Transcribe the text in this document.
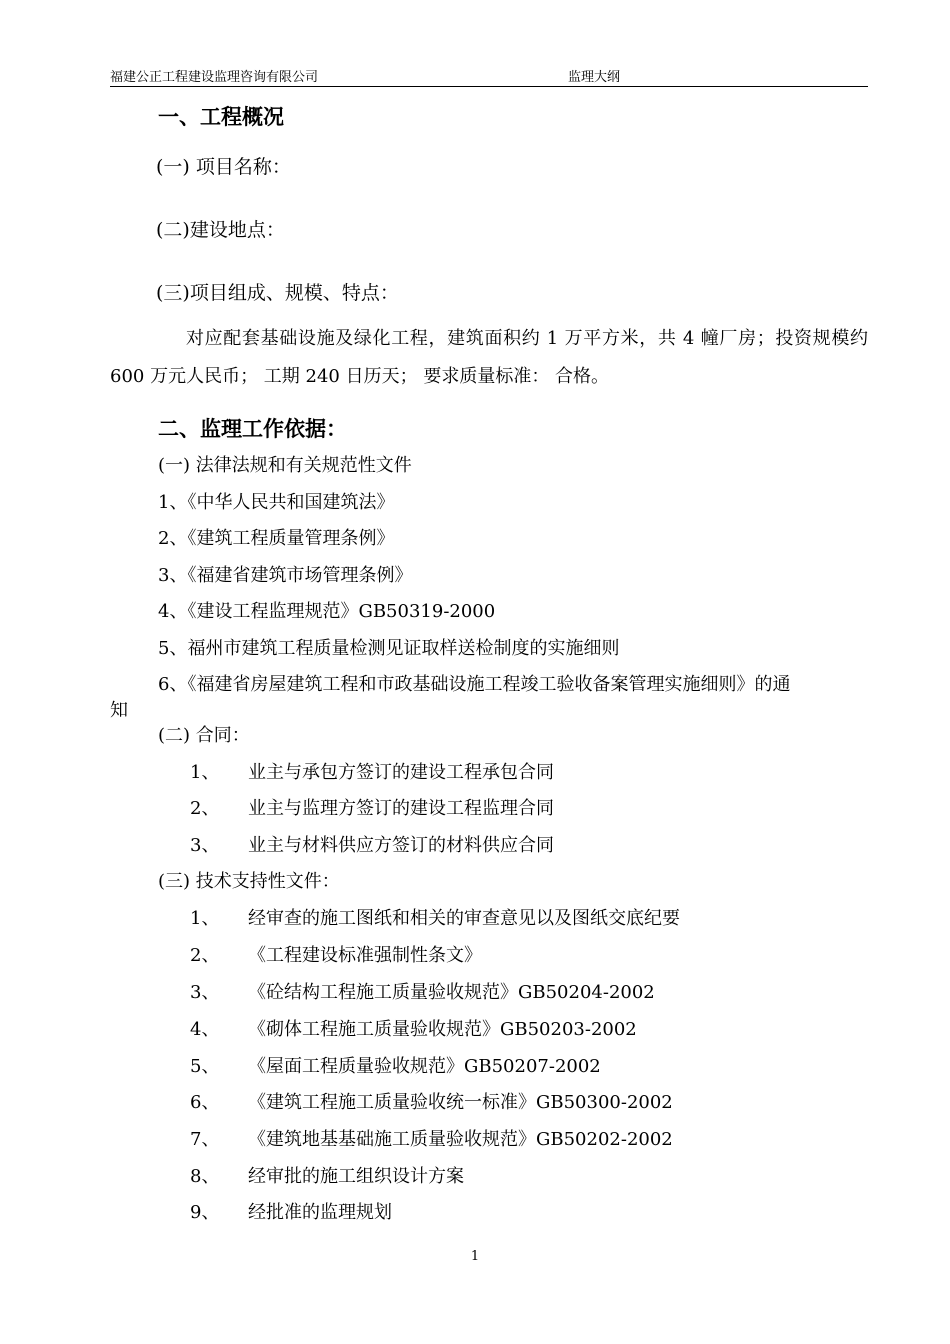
福建公正工程建设监理咨询有限公司	监理大纲
一、工程概况
(一) 项目名称：
(二)建设地点：
(三)项目组成、规模、特点：
对应配套基础设施及绿化工程，建筑面积约 1 万平方米，共 4 幢厂房；投资规模约 600 万元人民币； 工期 240 日历天； 要求质量标准： 合格。
二、监理工作依据：
(一) 法律法规和有关规范性文件
1、《中华人民共和国建筑法》
2、《建筑工程质量管理条例》
3、《福建省建筑市场管理条例》
4、《建设工程监理规范》GB50319-2000
5、福州市建筑工程质量检测见证取样送检制度的实施细则
6、《福建省房屋建筑工程和市政基础设施工程竣工验收备案管理实施细则》的通
知
(二) 合同：
1、 业主与承包方签订的建设工程承包合同
2、 业主与监理方签订的建设工程监理合同
3、 业主与材料供应方签订的材料供应合同
(三) 技术支持性文件：
1、 经审查的施工图纸和相关的审查意见以及图纸交底纪要
2、 《工程建设标准强制性条文》
3、 《砼结构工程施工质量验收规范》GB50204-2002
4、 《砌体工程施工质量验收规范》GB50203-2002
5、 《屋面工程质量验收规范》GB50207-2002
6、 《建筑工程施工质量验收统一标准》GB50300-2002
7、 《建筑地基基础施工质量验收规范》GB50202-2002
8、 经审批的施工组织设计方案
9、 经批准的监理规划
1
